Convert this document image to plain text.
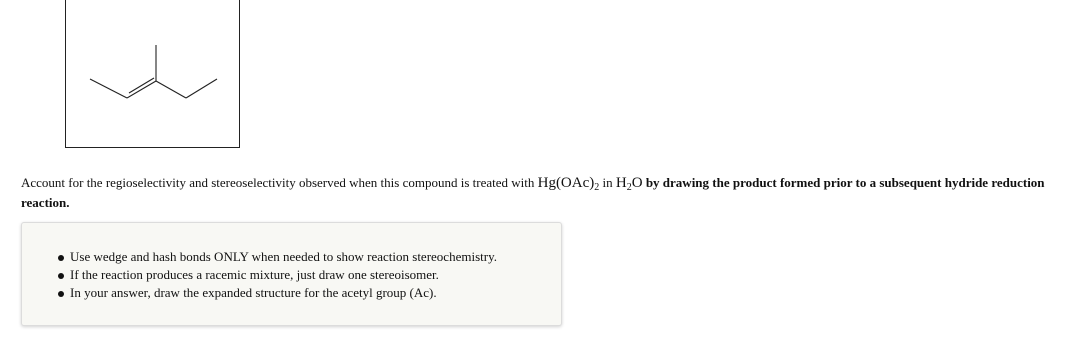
Account for the regioselectivity and stereoselectivity observed when this compound is treated with $Hg(OAc)_2$ in $H_2O$ by drawing the product formed prior to a subsequent hydride reduction reaction.
Use wedge and hash bonds ONLY when needed to show reaction stereochemistry.
If the reaction produces a racemic mixture, just draw one stereoisomer.
In your answer, draw the expanded structure for the acetyl group (Ac).
